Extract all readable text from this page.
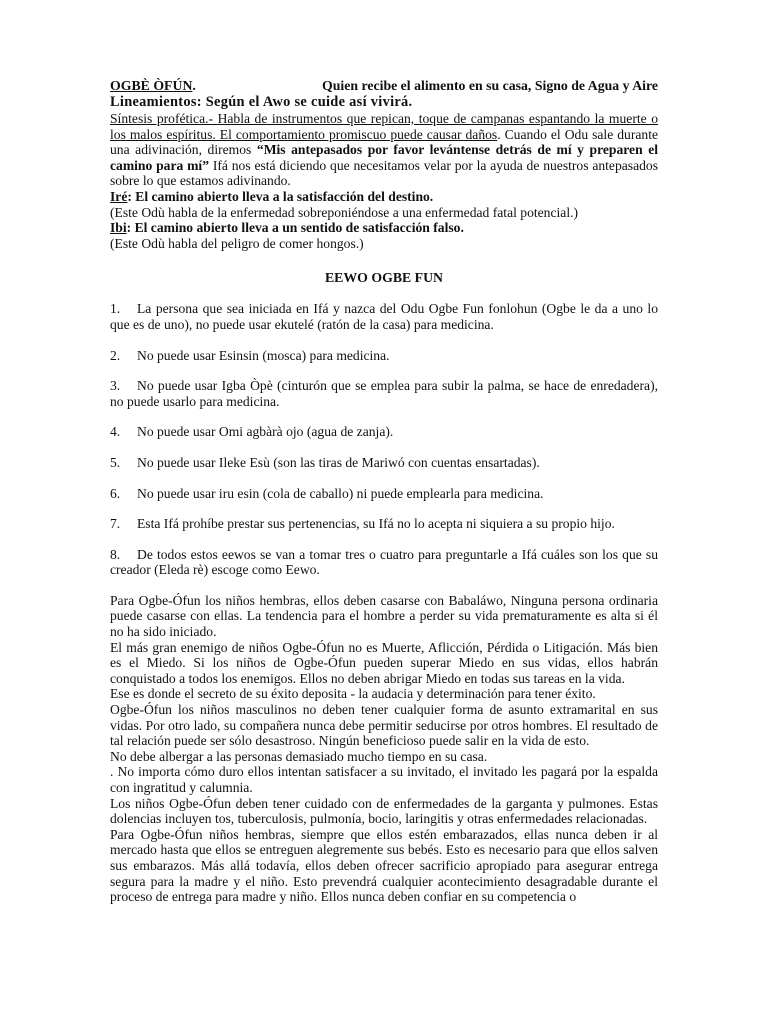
OGBÈ ÒFÚN.	Quien recibe el alimento en su casa, Signo de Agua y Aire
Lineamientos: Según el Awo se cuide así vivirá.

Síntesis profética.- Habla de instrumentos que repican, toque de campanas espantando la muerte o los malos espíritus. El comportamiento promiscuo puede causar daños. Cuando el Odu sale durante una adivinación, diremos “Mis antepasados por favor levántense detrás de mí y preparen el camino para mí” Ifá nos está diciendo que necesitamos velar por la ayuda de nuestros antepasados sobre lo que estamos adivinando.

Iré: El camino abierto lleva a la satisfacción del destino.

(Este Odù habla de la enfermedad sobreponiéndose a una enfermedad fatal potencial.)

Ibi: El camino abierto lleva a un sentido de satisfacción falso.

(Este Odù habla del peligro de comer hongos.)

EEWO OGBE FUN

1. La persona que sea iniciada en Ifá y nazca del Odu Ogbe Fun fonlohun (Ogbe le da a uno lo que es de uno), no puede usar ekutelé (ratón de la casa) para medicina.

2. No puede usar Esinsin (mosca) para medicina.

3. No puede usar Igba Òpè (cinturón que se emplea para subir la palma, se hace de enredadera), no puede usarlo para medicina.

4. No puede usar Omi agbàrà ojo (agua de zanja).

5. No puede usar Ileke Esù (son las tiras de Mariwó con cuentas ensartadas).

6. No puede usar iru esin (cola de caballo) ni puede emplearla para medicina.

7. Esta Ifá prohíbe prestar sus pertenencias, su Ifá no lo acepta ni siquiera a su propio hijo.

8. De todos estos eewos se van a tomar tres o cuatro para preguntarle a Ifá cuáles son los que su creador (Eleda rè) escoge como Eewo.

Para Ogbe-Ófun los niños hembras, ellos deben casarse con Babaláwo, Ninguna persona ordinaria puede casarse con ellas. La tendencia para el hombre a perder su vida prematuramente es alta si él no ha sido iniciado.

El más gran enemigo de niños Ogbe-Ófun no es Muerte, Aflicción, Pérdida o Litigación. Más bien es el Miedo. Si los niños de Ogbe-Ófun pueden superar Miedo en sus vidas, ellos habrán conquistado a todos los enemigos. Ellos no deben abrigar Miedo en todas sus tareas en la vida.

Ese es donde el secreto de su éxito deposita - la audacia y determinación para tener éxito.

Ogbe-Ófun los niños masculinos no deben tener cualquier forma de asunto extramarital en sus vidas. Por otro lado, su compañera nunca debe permitir seducirse por otros hombres. El resultado de tal relación puede ser sólo desastroso. Ningún beneficioso puede salir en la vida de esto.

No debe albergar a las personas demasiado mucho tiempo en su casa.

. No importa cómo duro ellos intentan satisfacer a su invitado, el invitado les pagará por la espalda con ingratitud y calumnia.

Los niños Ogbe-Ófun deben tener cuidado con de enfermedades de la garganta y pulmones. Estas dolencias incluyen tos, tuberculosis, pulmonía, bocio, laringitis y otras enfermedades relacionadas.

Para Ogbe-Ófun niños hembras, siempre que ellos estén embarazados, ellas nunca deben ir al mercado hasta que ellos se entreguen alegremente sus bebés. Esto es necesario para que ellos salven sus embarazos. Más allá todavía, ellos deben ofrecer sacrificio apropiado para asegurar entrega segura para la madre y el niño. Esto prevendrá cualquier acontecimiento desagradable durante el proceso de entrega para madre y niño. Ellos nunca deben confiar en su competencia o
